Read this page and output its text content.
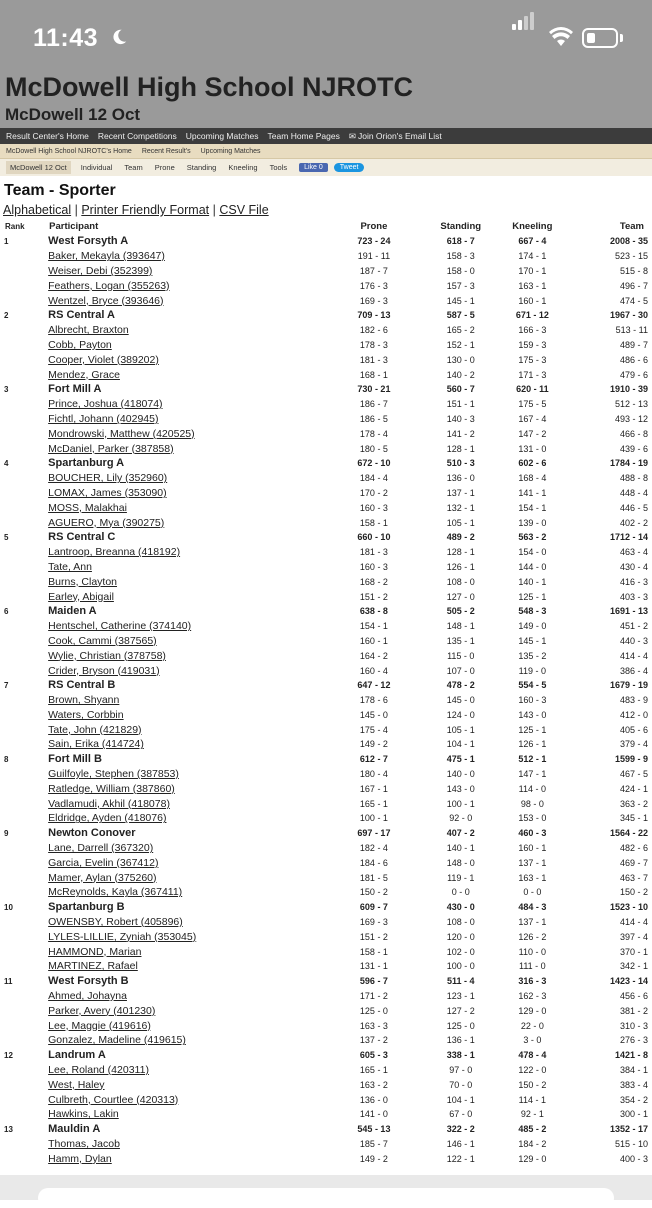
11:43
McDowell High School NJROTC
McDowell 12 Oct
Result Center's Home Recent Competitions Upcoming Matches Team Home Pages ✉ Join Orion's Email List
McDowell High School NJROTC's Home Recent Result's Upcoming Matches
McDowell 12 Oct	Individual Team Prone Standing Kneeling Tools	Like 0	Tweet
Team - Sporter
Alphabetical | Printer Friendly Format | CSV File
Rank	Participant	Prone	Standing	Kneeling	Team
1	West Forsyth A	723 - 24	618 - 7	667 - 4	2008 - 35
	Baker, Mekayla (393647)	191 - 11	158 - 3	174 - 1	523 - 15
	Weiser, Debi (352399)	187 - 7	158 - 0	170 - 1	515 - 8
	Feathers, Logan (355263)	176 - 3	157 - 3	163 - 1	496 - 7
	Wentzel, Bryce (393646)	169 - 3	145 - 1	160 - 1	474 - 5
2	RS Central A	709 - 13	587 - 5	671 - 12	1967 - 30
	Albrecht, Braxton	182 - 6	165 - 2	166 - 3	513 - 11
	Cobb, Payton	178 - 3	152 - 1	159 - 3	489 - 7
	Cooper, Violet (389202)	181 - 3	130 - 0	175 - 3	486 - 6
	Mendez, Grace	168 - 1	140 - 2	171 - 3	479 - 6
3	Fort Mill A	730 - 21	560 - 7	620 - 11	1910 - 39
	Prince, Joshua (418074)	186 - 7	151 - 1	175 - 5	512 - 13
	Fichtl, Johann (402945)	186 - 5	140 - 3	167 - 4	493 - 12
	Mondrowski, Matthew (420525)	178 - 4	141 - 2	147 - 2	466 - 8
	McDaniel, Parker (387858)	180 - 5	128 - 1	131 - 0	439 - 6
4	Spartanburg A	672 - 10	510 - 3	602 - 6	1784 - 19
	BOUCHER, Lily (352960)	184 - 4	136 - 0	168 - 4	488 - 8
	LOMAX, James (353090)	170 - 2	137 - 1	141 - 1	448 - 4
	MOSS, Malakhai	160 - 3	132 - 1	154 - 1	446 - 5
	AGUERO, Mya (390275)	158 - 1	105 - 1	139 - 0	402 - 2
5	RS Central C	660 - 10	489 - 2	563 - 2	1712 - 14
	Lantroop, Breanna (418192)	181 - 3	128 - 1	154 - 0	463 - 4
	Tate, Ann	160 - 3	126 - 1	144 - 0	430 - 4
	Burns, Clayton	168 - 2	108 - 0	140 - 1	416 - 3
	Earley, Abigail	151 - 2	127 - 0	125 - 1	403 - 3
6	Maiden A	638 - 8	505 - 2	548 - 3	1691 - 13
	Hentschel, Catherine (374140)	154 - 1	148 - 1	149 - 0	451 - 2
	Cook, Cammi (387565)	160 - 1	135 - 1	145 - 1	440 - 3
	Wylie, Christian (378758)	164 - 2	115 - 0	135 - 2	414 - 4
	Crider, Bryson (419031)	160 - 4	107 - 0	119 - 0	386 - 4
7	RS Central B	647 - 12	478 - 2	554 - 5	1679 - 19
	Brown, Shyann	178 - 6	145 - 0	160 - 3	483 - 9
	Waters, Corbbin	145 - 0	124 - 0	143 - 0	412 - 0
	Tate, John (421829)	175 - 4	105 - 1	125 - 1	405 - 6
	Sain, Erika (414724)	149 - 2	104 - 1	126 - 1	379 - 4
8	Fort Mill B	612 - 7	475 - 1	512 - 1	1599 - 9
	Guilfoyle, Stephen (387853)	180 - 4	140 - 0	147 - 1	467 - 5
	Ratledge, William (387860)	167 - 1	143 - 0	114 - 0	424 - 1
	Vadlamudi, Akhil (418078)	165 - 1	100 - 1	98 - 0	363 - 2
	Eldridge, Ayden (418076)	100 - 1	92 - 0	153 - 0	345 - 1
9	Newton Conover	697 - 17	407 - 2	460 - 3	1564 - 22
	Lane, Darrell (367320)	182 - 4	140 - 1	160 - 1	482 - 6
	Garcia, Evelin (367412)	184 - 6	148 - 0	137 - 1	469 - 7
	Mamer, Aylan (375260)	181 - 5	119 - 1	163 - 1	463 - 7
	McReynolds, Kayla (367411)	150 - 2	0 - 0	0 - 0	150 - 2
10	Spartanburg B	609 - 7	430 - 0	484 - 3	1523 - 10
	OWENSBY, Robert (405896)	169 - 3	108 - 0	137 - 1	414 - 4
	LYLES-LILLIE, Zyniah (353045)	151 - 2	120 - 0	126 - 2	397 - 4
	HAMMOND, Marian	158 - 1	102 - 0	110 - 0	370 - 1
	MARTINEZ, Rafael	131 - 1	100 - 0	111 - 0	342 - 1
11	West Forsyth B	596 - 7	511 - 4	316 - 3	1423 - 14
	Ahmed, Johayna	171 - 2	123 - 1	162 - 3	456 - 6
	Parker, Avery (401230)	125 - 0	127 - 2	129 - 0	381 - 2
	Lee, Maggie (419616)	163 - 3	125 - 0	22 - 0	310 - 3
	Gonzalez, Madeline (419615)	137 - 2	136 - 1	3 - 0	276 - 3
12	Landrum A	605 - 3	338 - 1	478 - 4	1421 - 8
	Lee, Roland (420311)	165 - 1	97 - 0	122 - 0	384 - 1
	West, Haley	163 - 2	70 - 0	150 - 2	383 - 4
	Culbreth, Courtlee (420313)	136 - 0	104 - 1	114 - 1	354 - 2
	Hawkins, Lakin	141 - 0	67 - 0	92 - 1	300 - 1
13	Mauldin A	545 - 13	322 - 2	485 - 2	1352 - 17
	Thomas, Jacob	185 - 7	146 - 1	184 - 2	515 - 10
	Hamm, Dylan	149 - 2	122 - 1	129 - 0	400 - 3
